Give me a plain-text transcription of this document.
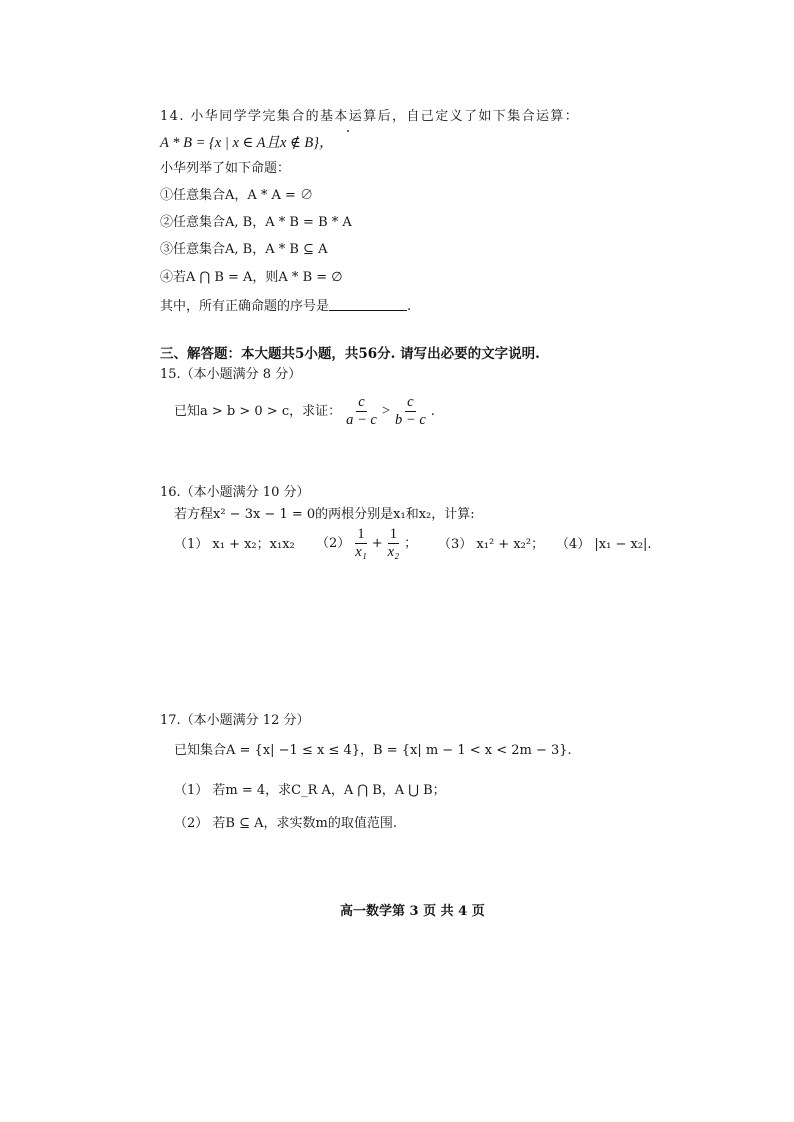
14. 小华同学学完集合的基本运算后，自己定义了如下集合运算：
A * B = {x | x ∈ A且x ∉ B}，
小华列举了如下命题：
①任意集合A，A * A = ∅
②任意集合A, B，A * B = B * A
③任意集合A, B，A * B ⊆ A
④若A ⋂ B = A，则A * B = ∅
其中，所有正确命题的序号是	.
三、解答题：本大题共5小题，共56分. 请写出必要的文字说明.
15.（本小题满分 8 分）
已知a > b > 0 > c，求证： $\frac{c}{a - c} > \frac{c}{b - c}$ .
16.（本小题满分 10 分）
若方程x² − 3x − 1 = 0的两根分别是x₁和x₂，计算:
（1） x₁ + x₂；x₁x₂ $(2) \frac{1}{\text{x₁}} + \frac{1}{\text{x₂}}$ ； （3） x₁² + x₂²； （4） |x₁ − x₂|.
17.（本小题满分 12 分）
已知集合A = {x| −1 ≤ x ≤ 4}，B = {x| m − 1 < x < 2m − 3}.
（1） 若m = 4，求C_R A，A ⋂ B，A ⋃ B；
（2） 若B ⊆ A，求实数m的取值范围.
高一数学第 3 页 共 4 页
